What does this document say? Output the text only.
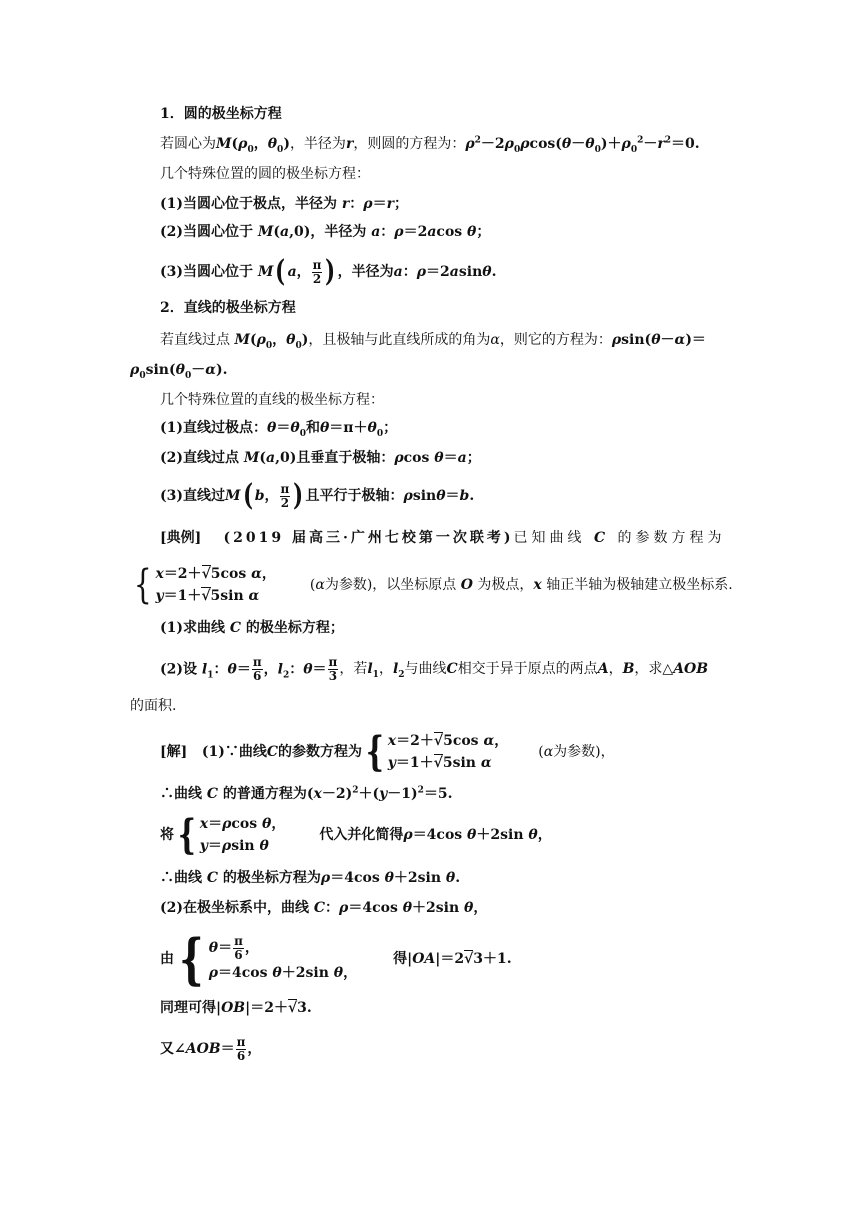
1．圆的极坐标方程
若圆心为$M(\rho_0$，$\theta_0$)，半径为r，则圆的方程为：$\rho^2-2\rho_0\rho\cos(\theta-\theta_0)+\rho_0^2-r^2=0$.
几个特殊位置的圆的极坐标方程：
(1)当圆心位于极点，半径为 r：ρ＝r；
(2)当圆心位于 M(a,0)，半径为 a：ρ＝2acos θ；
(3)当圆心位于
M ( a ， $\frac{\pi}{2}$ ) ，半径为 a ： ρ ＝2 a sin θ .
2．直线的极坐标方程
若直线过点 $M(\rho_0$，$\theta_0$)，且极轴与此直线所成的角为α，则它的方程为：ρsin(θ－α)＝
$\rho_0\sin(\theta_0-\alpha)$.
几个特殊位置的直线的极坐标方程：
(1)直线过极点：$\theta=\theta_0$和$\theta=\pi+\theta_0$；
(2)直线过点 M(a,0)且垂直于极轴：ρcos θ＝a；
(3)直线过 M ( b ， $\frac{\pi}{2}$ ) 且平行于极轴： ρ sin θ ＝ b .
[典例] (2019 届高三·广州七校第一次联考)已知曲线 C 的参数方程为
{ x＝2＋√5cos α，
y＝1＋√5sin α
(α为参数)，以坐标原点 O 为极点，x 轴正半轴为极轴建立极坐标系.
(1)求曲线 C 的极坐标方程；
(2)设 $l_1$：$\theta= \frac{\pi}{6}$ ，$l_2$：$\theta= \frac{\pi}{3}$ ，若 $l_1$ ， $l_2$ 与曲线 C 相交于异于原点的两点 A ， B ，求△ AOB
的面积.
[解] (1)∵曲线 C 的参数方程为 { x＝2＋√5cos α，
y＝1＋√5sin α
(α为参数)，
∴曲线 C 的普通方程为$(x-2)^2+(y-1)^2=5$.
将 { x＝ρcos θ，
y＝ρsin θ
代入并化简得ρ＝4cos θ＋2sin θ，
∴曲线 C 的极坐标方程为ρ＝4cos θ＋2sin θ.
(2)在极坐标系中，曲线 C：ρ＝4cos θ＋2sin θ，
由 { $\theta = \frac{\pi}{6}$ ，
ρ＝4cos θ＋2sin θ，
得|OA|＝2√3＋1.
同理可得|OB|＝2＋√3.
又∠ AOB ＝ $\frac{\pi}{6}$ ，
